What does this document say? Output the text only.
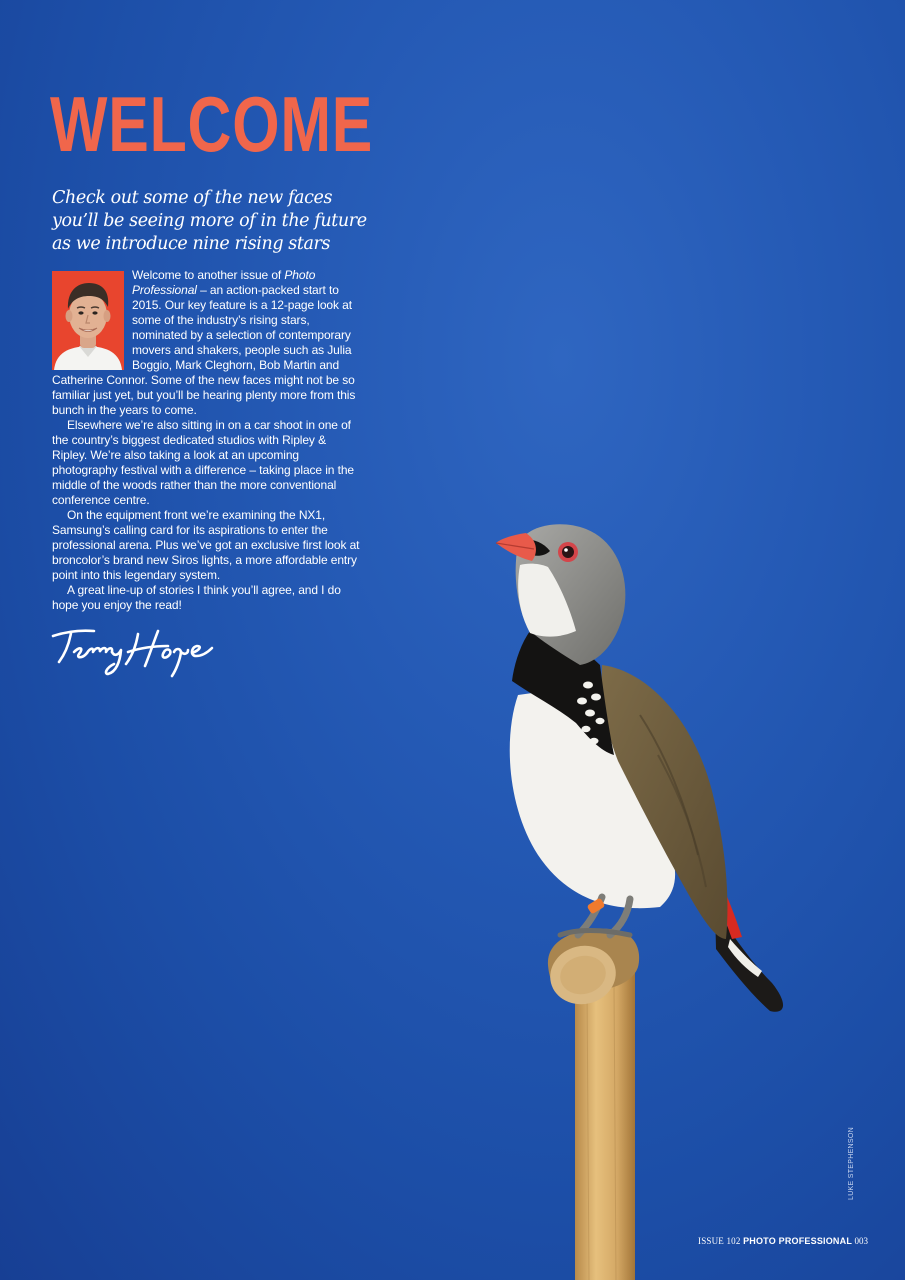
WELCOME
Check out some of the new faces
you’ll be seeing more of in the future
as we introduce nine rising stars

Welcome to another issue of Photo Professional – an action-packed start to 2015. Our key feature is a 12-page look at some of the industry’s rising stars, nominated by a selection of contemporary movers and shakers, people such as Julia Boggio, Mark Cleghorn, Bob Martin and Catherine Connor. Some of the new faces might not be so familiar just yet, but you’ll be hearing plenty more from this bunch in the years to come.

Elsewhere we’re also sitting in on a car shoot in one of the country’s biggest dedicated studios with Ripley & Ripley. We’re also taking a look at an upcoming photography festival with a difference – taking place in the middle of the woods rather than the more conventional conference centre.

On the equipment front we’re examining the NX1, Samsung’s calling card for its aspirations to enter the professional arena. Plus we’ve got an exclusive first look at broncolor’s brand new Siros lights, a more affordable entry point into this legendary system.

A great line-up of stories I think you’ll agree, and I do hope you enjoy the read!

LUKE STEPHENSON
ISSUE 102 PHOTO PROFESSIONAL 003
